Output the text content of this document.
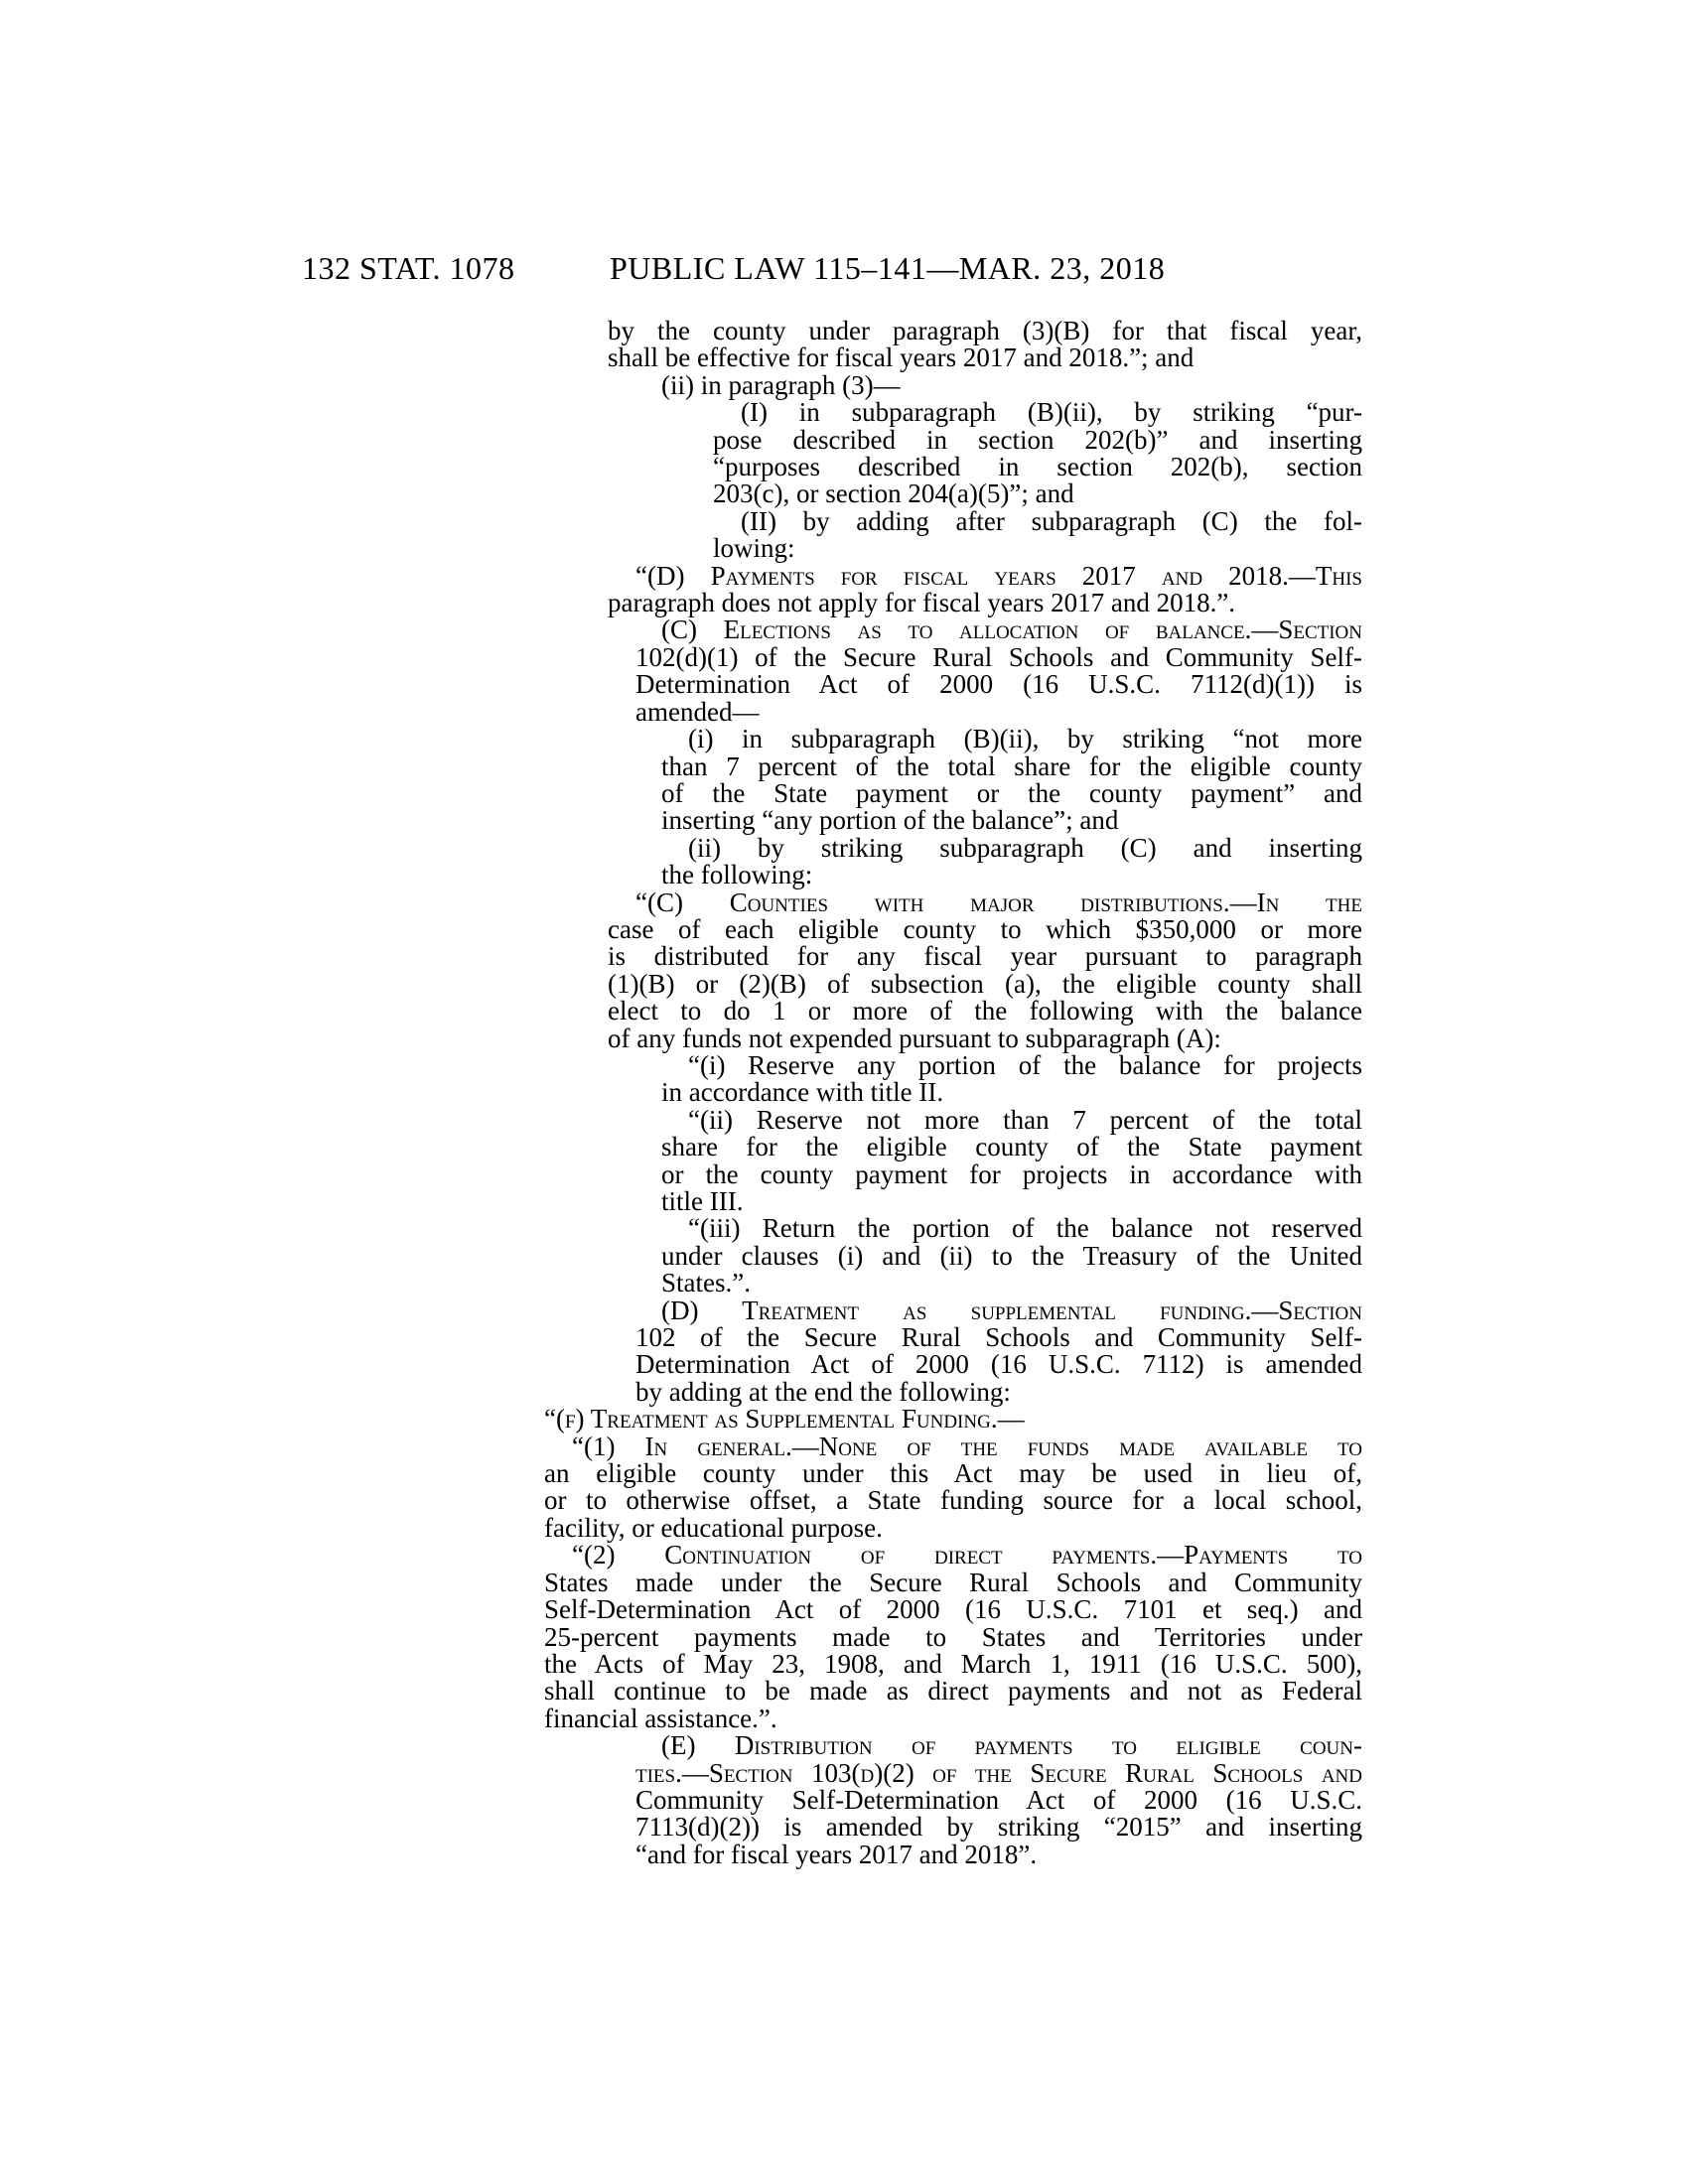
132 STAT. 1078	PUBLIC LAW 115–141—MAR. 23, 2018
by the county under paragraph (3)(B) for that fiscal year,
shall be effective for fiscal years 2017 and 2018.”; and
(ii) in paragraph (3)—
(I) in subparagraph (B)(ii), by striking “pur-
pose described in section 202(b)” and inserting
“purposes described in section 202(b), section
203(c), or section 204(a)(5)”; and
(II) by adding after subparagraph (C) the fol-
lowing:
“(D) Payments for fiscal years 2017 and 2018.—This
paragraph does not apply for fiscal years 2017 and 2018.”.
(C) Elections as to allocation of balance.—Section
102(d)(1) of the Secure Rural Schools and Community Self-
Determination Act of 2000 (16 U.S.C. 7112(d)(1)) is
amended—
(i) in subparagraph (B)(ii), by striking “not more
than 7 percent of the total share for the eligible county
of the State payment or the county payment” and
inserting “any portion of the balance”; and
(ii) by striking subparagraph (C) and inserting
the following:
“(C) Counties with major distributions.—In the
case of each eligible county to which $350,000 or more
is distributed for any fiscal year pursuant to paragraph
(1)(B) or (2)(B) of subsection (a), the eligible county shall
elect to do 1 or more of the following with the balance
of any funds not expended pursuant to subparagraph (A):
“(i) Reserve any portion of the balance for projects
in accordance with title II.
“(ii) Reserve not more than 7 percent of the total
share for the eligible county of the State payment
or the county payment for projects in accordance with
title III.
“(iii) Return the portion of the balance not reserved
under clauses (i) and (ii) to the Treasury of the United
States.”.
(D) Treatment as supplemental funding.—Section
102 of the Secure Rural Schools and Community Self-
Determination Act of 2000 (16 U.S.C. 7112) is amended
by adding at the end the following:
“(f) Treatment as Supplemental Funding.—
“(1) In general.—None of the funds made available to
an eligible county under this Act may be used in lieu of,
or to otherwise offset, a State funding source for a local school,
facility, or educational purpose.
“(2) Continuation of direct payments.—Payments to
States made under the Secure Rural Schools and Community
Self-Determination Act of 2000 (16 U.S.C. 7101 et seq.) and
25-percent payments made to States and Territories under
the Acts of May 23, 1908, and March 1, 1911 (16 U.S.C. 500),
shall continue to be made as direct payments and not as Federal
financial assistance.”.
(E) Distribution of payments to eligible coun-
ties.—Section 103(d)(2) of the Secure Rural Schools and
Community Self-Determination Act of 2000 (16 U.S.C.
7113(d)(2)) is amended by striking “2015” and inserting
“and for fiscal years 2017 and 2018”.
